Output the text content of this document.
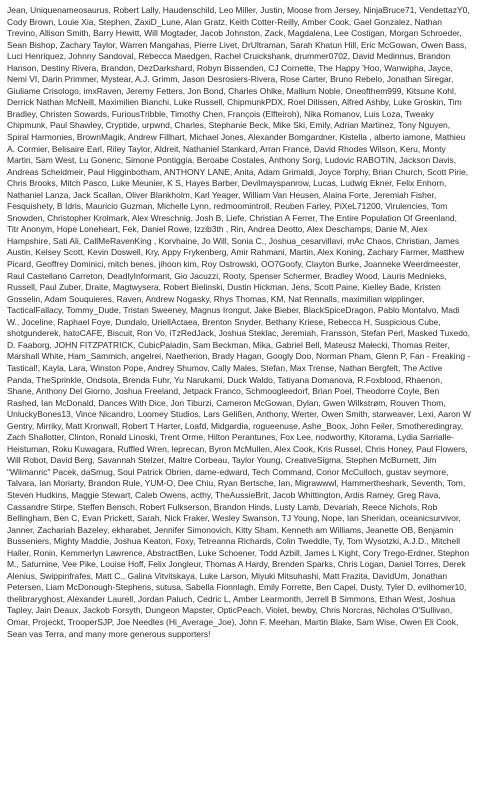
Jean, Uniquenameosaurus, Robert Lally, Haudenschild, Leo Miller, Justin, Moose from Jersey, NinjaBruce71, VendettazY0, Cody Brown, Louie Xia, Stephen, ZaxiD_Lune, Alan Gratz, Keith Cotter-Reilly, Amber Cook, Gael Gonzalez, Nathan Trevino, Allison Smith, Barry Hewitt, Will Mogtader, Jacob Johnston, Zack, Magdalena, Lee Costigan, Morgan Schroeder, Sean Bishop, Zachary Taylor, Warren Mangahas, Pierre Livet, DrUltraman, Sarah Khatun Hill, Eric McGowan, Owen Bass, Luci Henriquez, Johnny Sandoval, Rebecca Maedgen, Rachel Cruickshank, drummer0702, David Medinnus, Brandon Hanson, Destiny Rivera, Brandon, DezDarkshard, Robyn Bissenden, CJ Cornette, The Happy 'Hoo, Wanwipha, Jayce, Nemi VI, Darin Primmer, Mystear, A.J. Grimm, Jason Desrosiers-Rivera, Rose Carter, Bruno Rebelo, Jonathan Siregar, Giuliame Crisologo, imxRaven, Jeremy Fetters, Jon Bond, Charles Ohlke, Mallium Noble, Oneofthem999, Kitsune Kohl, Derrick Nathan McNeill, Maximilien Bianchi, Luke Russell, ChipmunkPDX, Roel Dilissen, Alfred Ashby, Luke Groskin, Tim Bradley, Christen Sowards, FuriousTribble, Timothy Chen, François (Elfteiroh), Nika Romanov, Luis Loza, Tweaky Chipmunk, Paul Shawley, Cryptide, urpwnd, Charles, Stephanie Beck, Mike Ski, Emily, Adrian Martinez, Tony Nguyen, Spiral Harmonies, BrownMagik, Andrew Fillhart, Michael Jones, Alexander Bomgardner, Kistella , alberto iamone, Mathieu A. Cormier, Belisaire Earl, Riley Taylor, Aldreit, Nathaniel Stankard, Arran France, David Rhodes Wilson, Keru, Monty Martin, Sam West, Lu Gonenc, Simone Pontiggia, Beroabe Costales, Anthony Sorg, Ludovic RABOTIN, Jackson Davis, Andreas Scheidmeir, Paul Higginbotham, ANTHONY LANE, Anita, Adam Grimaldi, Joyce Torphy, Brian Church, Scott Pirie, Chris Brooks, Mitch Pasco, Luke Meunier, K S, Hayes Barber, Devilmayspanrow, Lucas, Ludwig Ekner, Felix Enhorn, Nathaniel Lanza, Jack Scallan, Oliver Blankholm, Karl Yeager, William Van Heusen, Alaina Forte, Jeremiah Fisher, Fesquishety, B Idris, Mauricio Guzman, Michelle Lynn, redmoomintroll, Reuben Farley, PiXeL71200, Virulencies, Tom Snowden, Christopher Krolmark, Alex Wreschnig, Josh B, Liefe, Christian A Ferrer, The Entire Population Of Greenland, Titr Anonym, Hope Loneheart, Fek, Daniel Rowe, Izzib3th , Rin, Andrea Deotto, Alex Deschamps, Danie M, Alex Hampshire, Sati Ali, CallMeRavenKing , Korvhaine, Jo Will, Sonia C., Joshua_cesarvillavi, mAc Chaos, Christian, James Austin, Kelsey Scott, Kevin Doswell, Kry, Appy Frykenberg, Amir Rahmani, Martin, Alex Koning, Zachary Farmer, Matthew Picard, Geoffrey Dominici, mitch benes, jihoon kim, Roy Ostrowski, OO7Goofy, Clayton Burke, Joanneke Weerdmeester, Raul Castellano Carreton, DeadlyInformant, Gio Jacuzzi, Rooty, Spenser Schermer, Bradley Wood, Lauris Mednieks, Russell, Paul Zuber, Draite, Magtwysera, Robert Bielinski, Dustin Hickman, Jens, Scott Paine, Kielley Bade, Kristen Gosselin, Adam Souquieres, Raven, Andrew Nogasky, Rhys Thomas, KM, Nat Rennalls, maximilian wipplinger, TacticalFallacy, Tommy_Dude, Tristan Sweeney, Magnus Irongut, Jake Bieber, BlackSpiceDragon, Pablo Montalvo, Madi W., Joceline, Raphael Foye, Dundalo, UriellActaea, Brenton Snyder, Bethany Kriese, Rebecca H, Suspicious Cube, shotgunderek, hatoCAFE, Biscuit, Ron Vo, iTzRedJack, Joshua Steklac, Jeremiah, Fransson, Stefan Perl, Masked Tuxedo, D. Faaborg, JOHN FITZPATRICK, CubicPaladin, Sam Beckman, Mika, Gabriel Bell, Mateusz Małecki, Thomas Reiter, Marshall White, Ham_Sammich, angelrei, Naetherion, Brady Hagan, Googly Doo, Norman Pham, Glenn P, Fan - Freaking - Tastical!, Kayla, Lara, Winston Pope, Andrey Shumov, Cally Males, Stefan, Max Trense, Nathan Bergfelt, The Active Panda, TheSprinkle, Ondsola, Brenda Fuhr, Yu Narukami, Duck Waldo, Tatiyana Domanova, R.Foxblood, Rhaenon, Shane, Anthony Del Giorno, Joshua Freeland, Jetpack Franco, Schmoogleedorf, Brian Poel, Theodorre Coyle, Ben Rashed, Ian McDonald, Dances With Dice, Jon Tiburzi, Cameron McGowan, Dylan, Gwen Wilkstrøm, Rouven Thom, UnluckyBones13, Vince Nicandro, Loomey Studios, Lars Gelißen, Anthony, Werter, Owen Smith, starweaver, Lexi, Aaron W Gentry, Mirriky, Matt Kronwall, Robert T Harter, Loafd, Midgardia, rogueenuse, Ashe_Boox, John Feiler, Smotheredingray, Zach Shallotter, Clinton, Ronald Linoski, Trent Orme, Hilton Perantunes, Fox Lee, nodworthy, Kitorama, Lydia Sarrialle-Heistuman, Roku Kuwagara, Ruffled Wren, leprecan, Byron McMullen, Alex Cook, Kris Russel, Chris Honey, Paul Flowers, Will Robot, David Berg, Savannah Stelzer, Maltre Corbeau, Taylor Young, CreativeSigma, Stephen McBurnett, Jim "Wilmanric" Pacek, daSmug, Soul Patrick Obrien, dame-edward, Tech Command, Conor McCulloch, gustav seymore, Talvara, Ian Moriarty, Brandon Rule, YUM-O, Dee Chiu, Ryan Bertsche, Ian, Migrawwwl, Hammertheshark, Seventh, Tom, Steven Hudkins, Maggie Stewart, Caleb Owens, acthy, TheAussieBrit, Jacob Whittington, Ardis Ramey, Greg Rava, Cassandre Stirpe, Steffen Bensch, Robert Fulkserson, Brandon Hinds, Lusty Lamb, Devariah, Reece Nichols, Rob Bellingham, Ben C, Evan Prickett, Sarah, Nick Fraker, Wesley Swanson, TJ Young, Nope, Ian Sheridan, oceanicsurvivor, Janner, Zachariah Bazeley, ekharabet, Jennifer Simonovich, Kitty Sham, Kenneth am Williams, Jeanette OB, Benjamin Busseniers, Mighty Maddie, Joshua Keaton, Foxy, Tetreanna Richards, Colin Tweddle, Ty, Tom Wysotzki, A.J.D., Mitchell Haller, Ronin, Kemmerlyn Lawrence, AbstractBen, Luke Schoener, Todd Azbill, James L Kight, Cory Trego-Erdner, Stephon M., Saturnine, Vee Pike, Louise Hoff, Felix Jongleur, Thomas A Hardy, Brenden Sparks, Chris Logan, Daniel Torres, Derek Alenius, Swippinfrafes, Matt C., Galina Vitvitskaya, Luke Larson, Miyuki Mitsuhashi, Matt Frazita, DavidUm, Jonathan Petersen, Liam McDonough-Stephens, sutusa, Sabella Fionnlagh, Emily Forrette, Ben Capel, Dusty, Tyler D, evilhomer10, thelibraryghost, Alexander Laurell, Jordan Paluch, Cedric L, Amber Learmonth, Jerrell B Simmons, Ethan West, Joshua Tapley, Jain Deaux, Jackob Forsyth, Dungeon Mapster, OpticPeach, Violet, bewby, Chris Norcras, Nicholas O'Sullivan, Omar, Projeckt, TrooperSJP, Joe Needles (Hi_Average_Joe), John F. Meehan, Martin Blake, Sam Wise, Owen Eli Cook, Sean vas Terra, and many more generous supporters!
